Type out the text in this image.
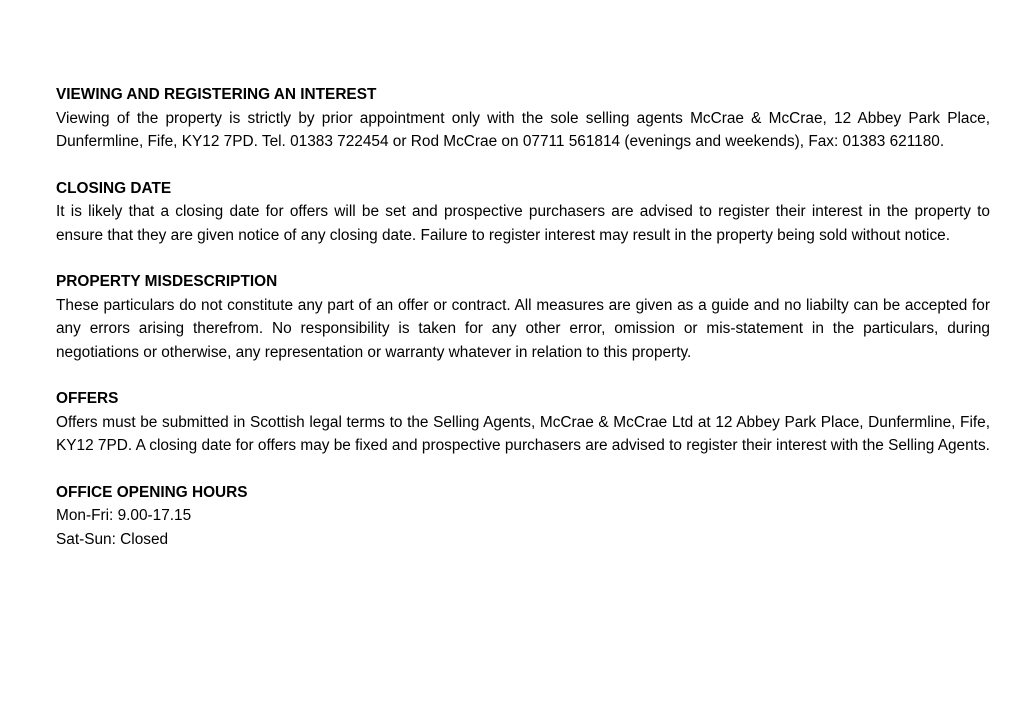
VIEWING AND REGISTERING AN INTEREST

Viewing of the property is strictly by prior appointment only with the sole selling agents McCrae & McCrae, 12 Abbey Park Place, Dunfermline, Fife, KY12 7PD. Tel. 01383 722454 or Rod McCrae on 07711 561814 (evenings and weekends), Fax: 01383 621180.

CLOSING DATE

It is likely that a closing date for offers will be set and prospective purchasers are advised to register their interest in the property to ensure that they are given notice of any closing date. Failure to register interest may result in the property being sold without notice.

PROPERTY MISDESCRIPTION

These particulars do not constitute any part of an offer or contract. All measures are given as a guide and no liabilty can be accepted for any errors arising therefrom. No responsibility is taken for any other error, omission or mis-statement in the particulars, during negotiations or otherwise, any representation or warranty whatever in relation to this property.

OFFERS

Offers must be submitted in Scottish legal terms to the Selling Agents, McCrae & McCrae Ltd at 12 Abbey Park Place, Dunfermline, Fife, KY12 7PD. A closing date for offers may be fixed and prospective purchasers are advised to register their interest with the Selling Agents.

OFFICE OPENING HOURS

Mon-Fri: 9.00-17.15

Sat-Sun: Closed
